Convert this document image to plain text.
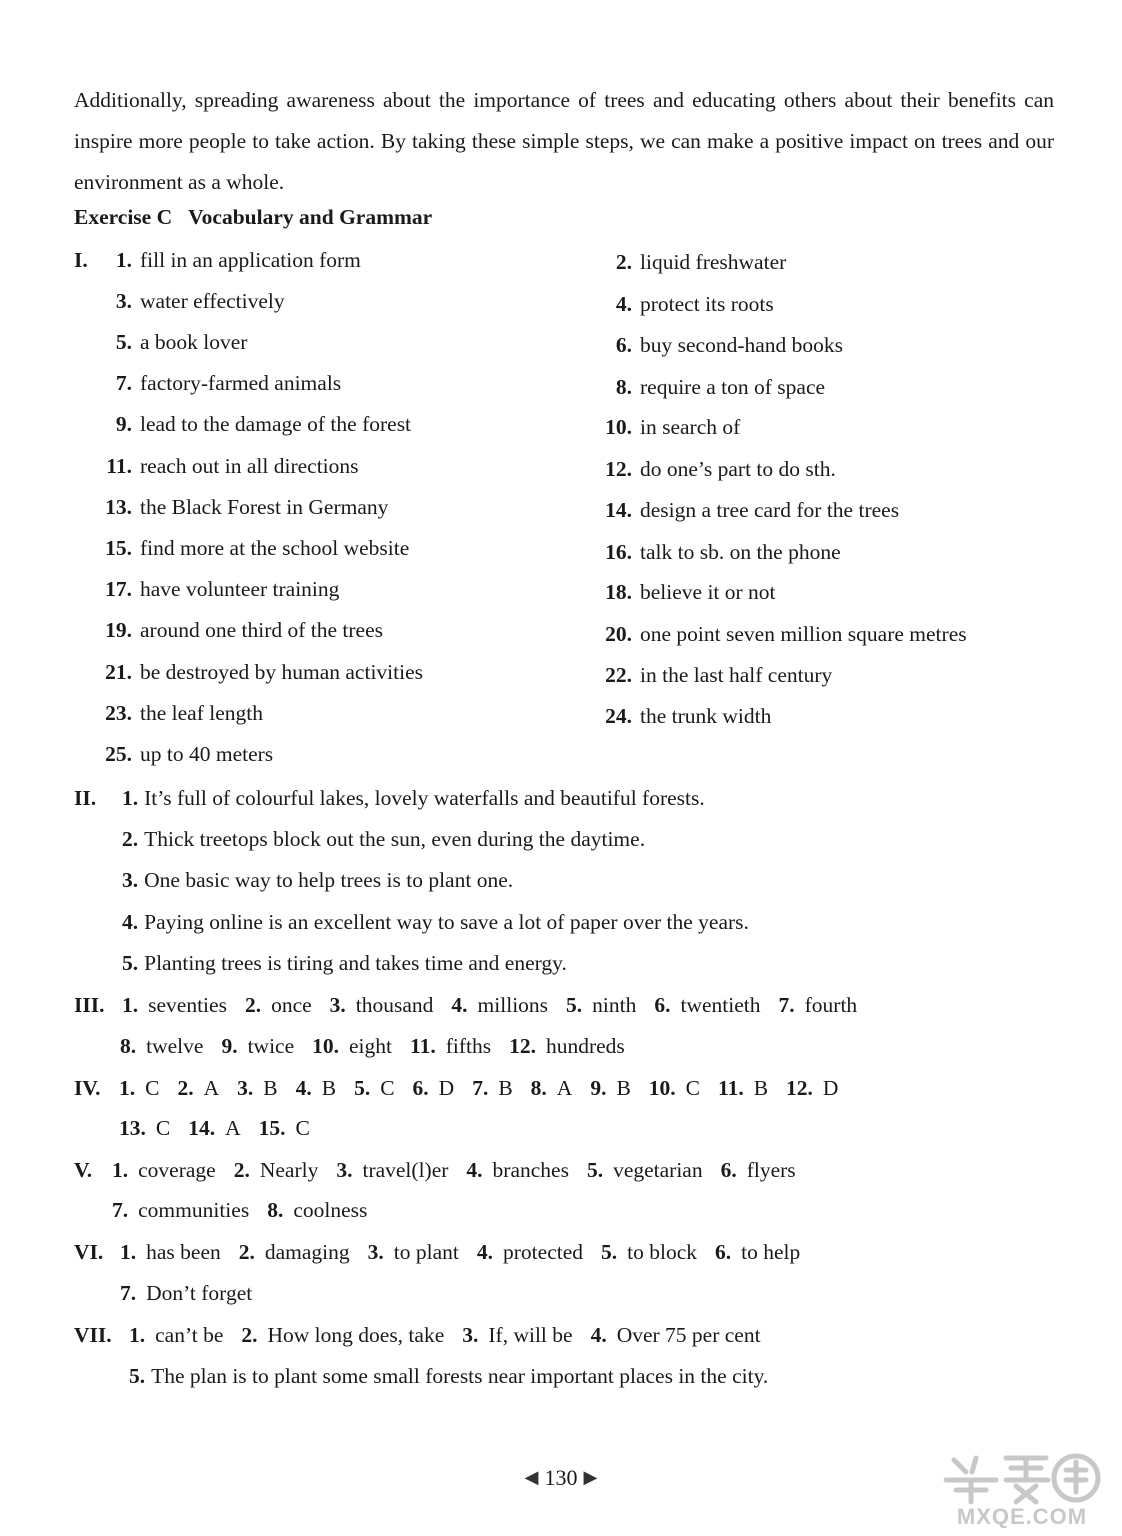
Additionally, spreading awareness about the importance of trees and educating others about their benefits can inspire more people to take action. By taking these simple steps, we can make a positive impact on trees and our environment as a whole.

Exercise C Vocabulary and Grammar
I.	1. fill in an application form	2. liquid freshwater
3. water effectively	4. protect its roots
5. a book lover	6. buy second-hand books
7. factory-farmed animals	8. require a ton of space
9. lead to the damage of the forest	10. in search of
11. reach out in all directions	12. do one’s part to do sth.
13. the Black Forest in Germany	14. design a tree card for the trees
15. find more at the school website	16. talk to sb. on the phone
17. have volunteer training	18. believe it or not
19. around one third of the trees	20. one point seven million square metres
21. be destroyed by human activities	22. in the last half century
23. the leaf length	24. the trunk width
25. up to 40 meters
II. 1. It’s full of colourful lakes, lovely waterfalls and beautiful forests.
2. Thick treetops block out the sun, even during the daytime.
3. One basic way to help trees is to plant one.
4. Paying online is an excellent way to save a lot of paper over the years.
5. Planting trees is tiring and takes time and energy.
III. 1. seventies 2. once 3. thousand 4. millions 5. ninth 6. twentieth 7. fourth
8. twelve 9. twice 10. eight 11. fifths 12. hundreds
IV. 1. C 2. A 3. B 4. B 5. C 6. D 7. B 8. A 9. B 10. C 11. B 12. D
13. C 14. A 15. C
V. 1. coverage 2. Nearly 3. travel(l)er 4. branches 5. vegetarian 6. flyers
7. communities 8. coolness
VI. 1. has been 2. damaging 3. to plant 4. protected 5. to block 6. to help
7. Don’t forget
VII. 1. can’t be 2. How long does, take 3. If, will be 4. Over 75 per cent
5. The plan is to plant some small forests near important places in the city.
◀ 130 ▶
MXQE.COM
